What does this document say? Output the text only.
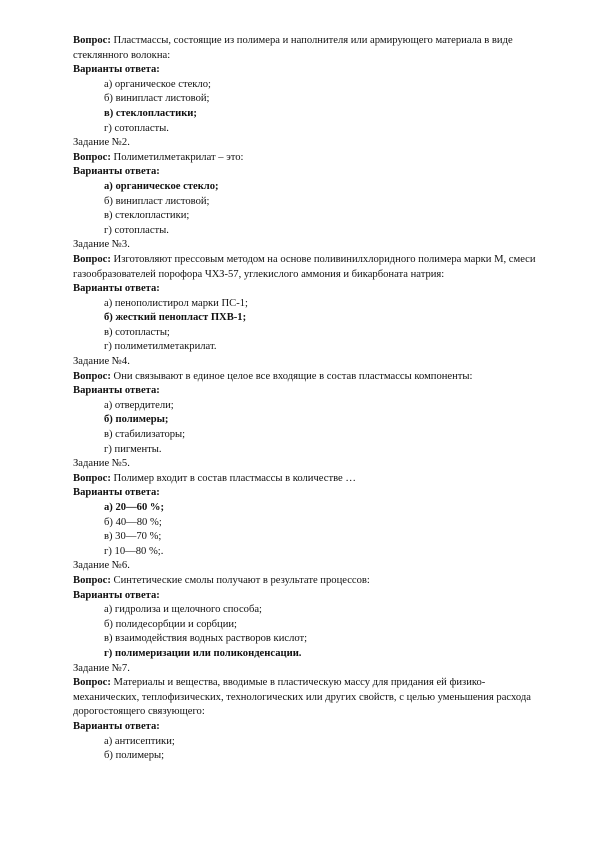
Вопрос: Пластмассы, состоящие из полимера и наполнителя или армирующего материала в виде стеклянного волокна:

Варианты ответа:

а) органическое стекло;

б) винипласт листовой;

в) стеклопластики;

г) сотопласты.

Задание №2.

Вопрос: Полиметилметакрилат – это:

Варианты ответа:

а) органическое стекло;

б) винипласт листовой;

в) стеклопластики;

г) сотопласты.

Задание №3.

Вопрос: Изготовляют прессовым методом на основе поливинилхлоридного полимера марки М, смеси газообразователей порофора ЧХЗ-57, углекислого аммония и бикарбоната натрия:

Варианты ответа:

а) пенополистирол марки ПС-1;

б) жесткий пенопласт ПХВ-1;

в) сотопласты;

г) полиметилметакрилат.

Задание №4.

Вопрос: Они связывают в единое целое все входящие в состав пластмассы компоненты:

Варианты ответа:

а) отвердители;

б) полимеры;

в) стабилизаторы;

г) пигменты.

Задание №5.

Вопрос: Полимер входит в состав пластмассы в количестве …

Варианты ответа:

а) 20—60 %;

б) 40—80 %;

в) 30—70 %;

г) 10—80 %;.

Задание №6.

Вопрос: Синтетические смолы получают в результате процессов:

Варианты ответа:

а) гидролиза и щелочного способа;

б) полидесорбции и сорбции;

в) взаимодействия водных растворов кислот;

г) полимеризации или поликонденсации.

Задание №7.

Вопрос: Материалы и вещества, вводимые в пластическую массу для придания ей физико-механических, теплофизических, технологических или других свойств, с целью уменьшения расхода дорогостоящего связующего:

Варианты ответа:

а) антисептики;

б) полимеры;
